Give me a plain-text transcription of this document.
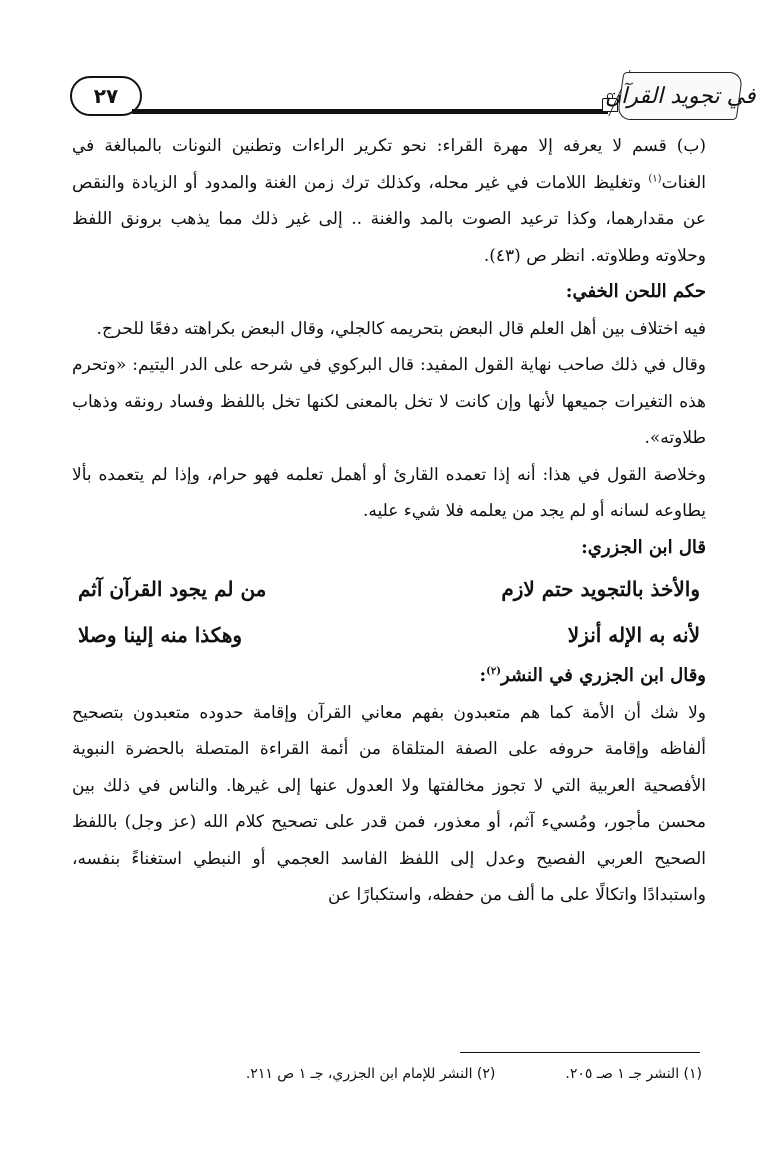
٢٧	في تجويد القرآن

(ب) قسم لا يعرفه إلا مهرة القراء: نحو تكرير الراءات وتطنين النونات بالمبالغة في الغنات$^{(١)}$ وتغليظ اللامات في غير محله، وكذلك ترك زمن الغنة والمدود أو الزيادة والنقص عن مقدارهما، وكذا ترعيد الصوت بالمد والغنة .. إلى غير ذلك مما يذهب برونق اللفظ وحلاوته وطلاوته. انظر ص (٤٣).

حكم اللحن الخفي:

فيه اختلاف بين أهل العلم قال البعض بتحريمه كالجلي، وقال البعض بكراهته دفعًا للحرج.

وقال في ذلك صاحب نهاية القول المفيد: قال البركوي في شرحه على الدر اليتيم: «وتحرم هذه التغيرات جميعها لأنها وإن كانت لا تخل بالمعنى لكنها تخل باللفظ وفساد رونقه وذهاب طلاوته».

وخلاصة القول في هذا: أنه إذا تعمده القارئ أو أهمل تعلمه فهو حرام، وإذا لم يتعمده بألا يطاوعه لسانه أو لم يجد من يعلمه فلا شيء عليه.

قال ابن الجزري:
والأخذ بالتجويد حتم لازم
من لم يجود القرآن آثم
لأنه به الإله أنزلا
وهكذا منه إلينا وصلا
وقال ابن الجزري في النشر$^{(٢)}$:

ولا شك أن الأمة كما هم متعبدون بفهم معاني القرآن وإقامة حدوده متعبدون بتصحيح ألفاظه وإقامة حروفه على الصفة المتلقاة من أئمة القراءة المتصلة بالحضرة النبوية الأفصحية العربية التي لا تجوز مخالفتها ولا العدول عنها إلى غيرها. والناس في ذلك بين محسن مأجور، ومُسيء آثم، أو معذور، فمن قدر على تصحيح كلام الله (عز وجل) باللفظ الصحيح العربي الفصيح وعدل إلى اللفظ الفاسد العجمي أو النبطي استغناءً بنفسه، واستبدادًا واتكالًا على ما ألف من حفظه، واستكبارًا عن

(١) النشر جـ ١ صـ ٢٠٥.
(٢) النشر للإمام ابن الجزري، جـ ١ ص ٢١١.
